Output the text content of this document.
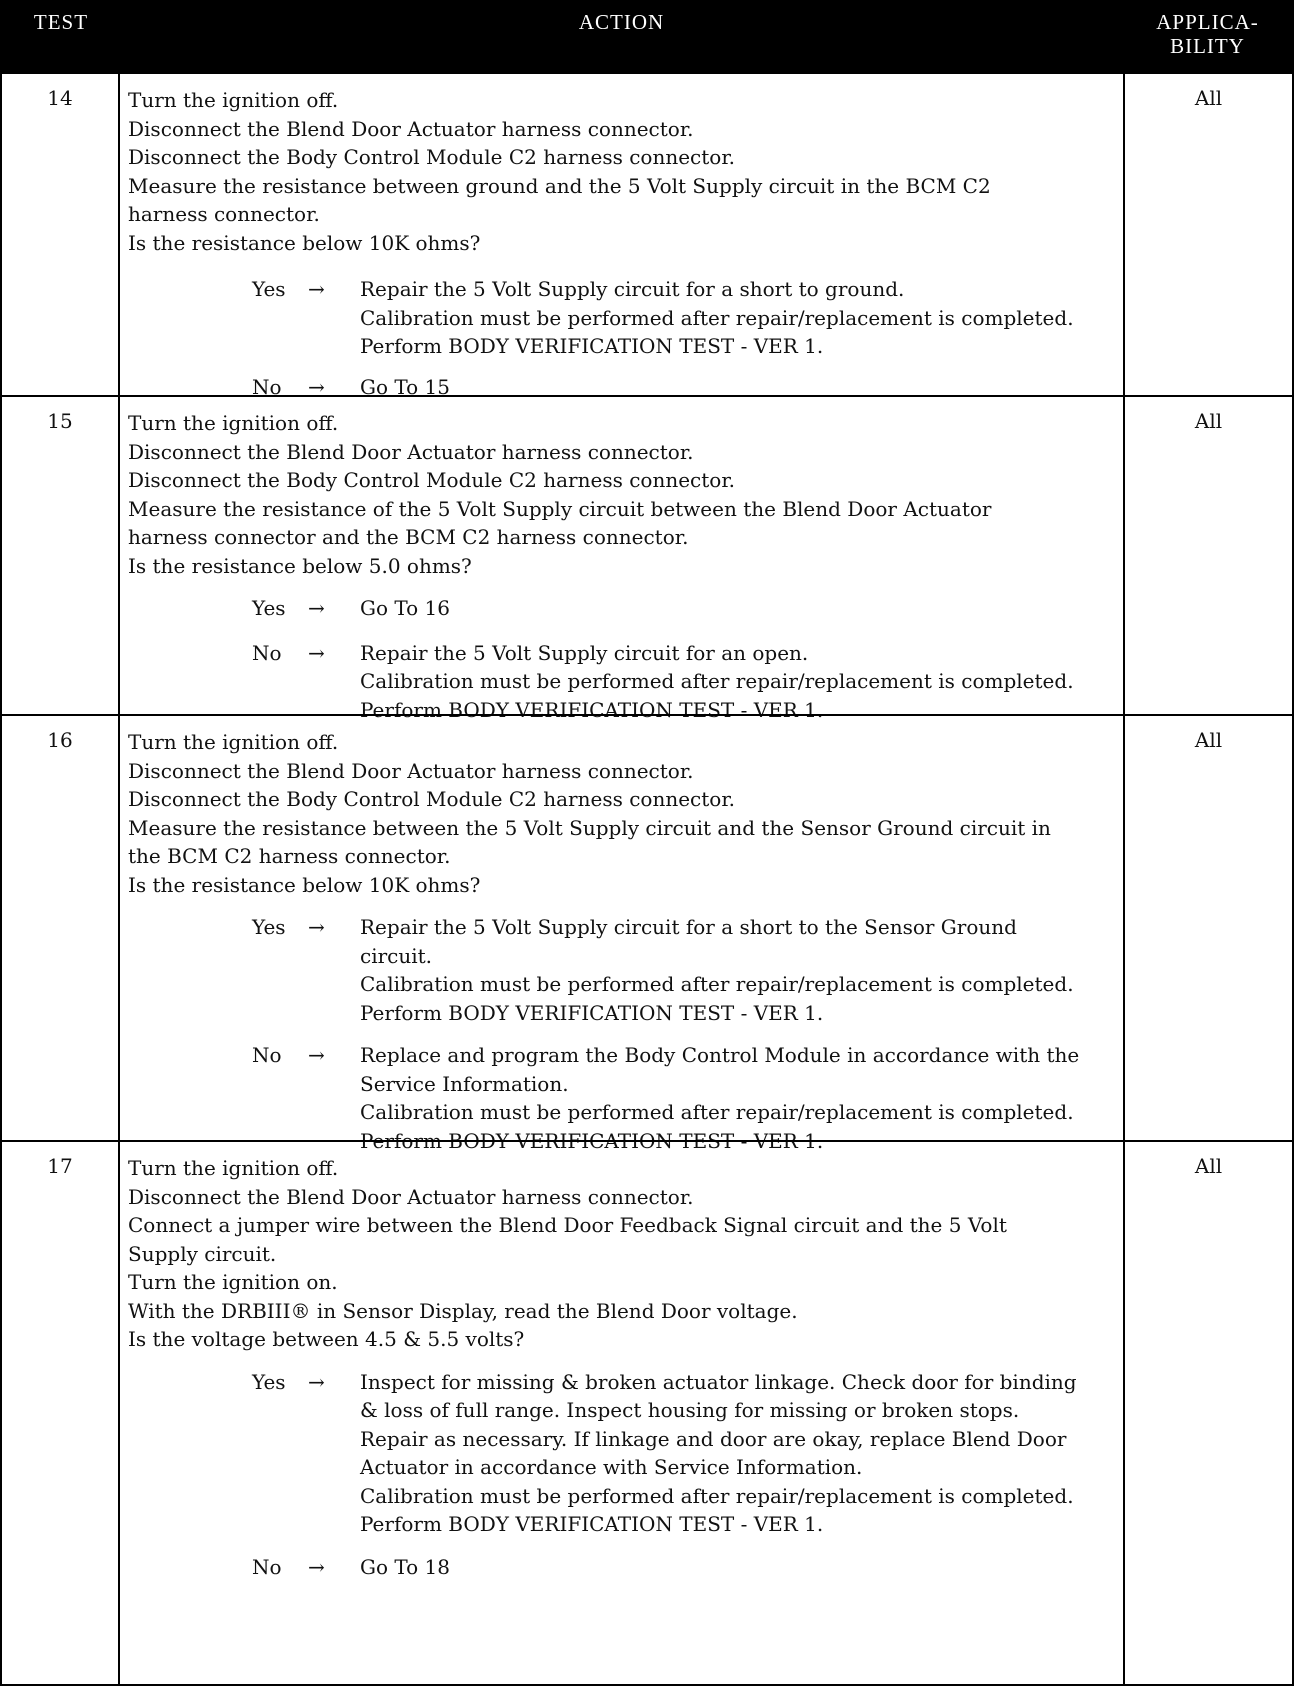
TEST	ACTION	APPLICA-
BILITY
14	Turn the ignition off.
Disconnect the Blend Door Actuator harness connector.
Disconnect the Body Control Module C2 harness connector.
Measure the resistance between ground and the 5 Volt Supply circuit in the BCM C2
harness connector.
Is the resistance below 10K ohms?
Yes	→	Repair the 5 Volt Supply circuit for a short to ground.
Calibration must be performed after repair/replacement is completed.
Perform BODY VERIFICATION TEST - VER 1.
No	→	Go To 15
All
15	Turn the ignition off.
Disconnect the Blend Door Actuator harness connector.
Disconnect the Body Control Module C2 harness connector.
Measure the resistance of the 5 Volt Supply circuit between the Blend Door Actuator
harness connector and the BCM C2 harness connector.
Is the resistance below 5.0 ohms?
Yes	→	Go To 16
No	→	Repair the 5 Volt Supply circuit for an open.
Calibration must be performed after repair/replacement is completed.
Perform BODY VERIFICATION TEST - VER 1.
All
16	Turn the ignition off.
Disconnect the Blend Door Actuator harness connector.
Disconnect the Body Control Module C2 harness connector.
Measure the resistance between the 5 Volt Supply circuit and the Sensor Ground circuit in
the BCM C2 harness connector.
Is the resistance below 10K ohms?
Yes	→	Repair the 5 Volt Supply circuit for a short to the Sensor Ground
circuit.
Calibration must be performed after repair/replacement is completed.
Perform BODY VERIFICATION TEST - VER 1.
No	→	Replace and program the Body Control Module in accordance with the
Service Information.
Calibration must be performed after repair/replacement is completed.
Perform BODY VERIFICATION TEST - VER 1.
All
17	Turn the ignition off.
Disconnect the Blend Door Actuator harness connector.
Connect a jumper wire between the Blend Door Feedback Signal circuit and the 5 Volt
Supply circuit.
Turn the ignition on.
With the DRBIII® in Sensor Display, read the Blend Door voltage.
Is the voltage between 4.5 & 5.5 volts?
Yes	→	Inspect for missing & broken actuator linkage. Check door for binding
& loss of full range. Inspect housing for missing or broken stops.
Repair as necessary. If linkage and door are okay, replace Blend Door
Actuator in accordance with Service Information.
Calibration must be performed after repair/replacement is completed.
Perform BODY VERIFICATION TEST - VER 1.
No	→	Go To 18
All
